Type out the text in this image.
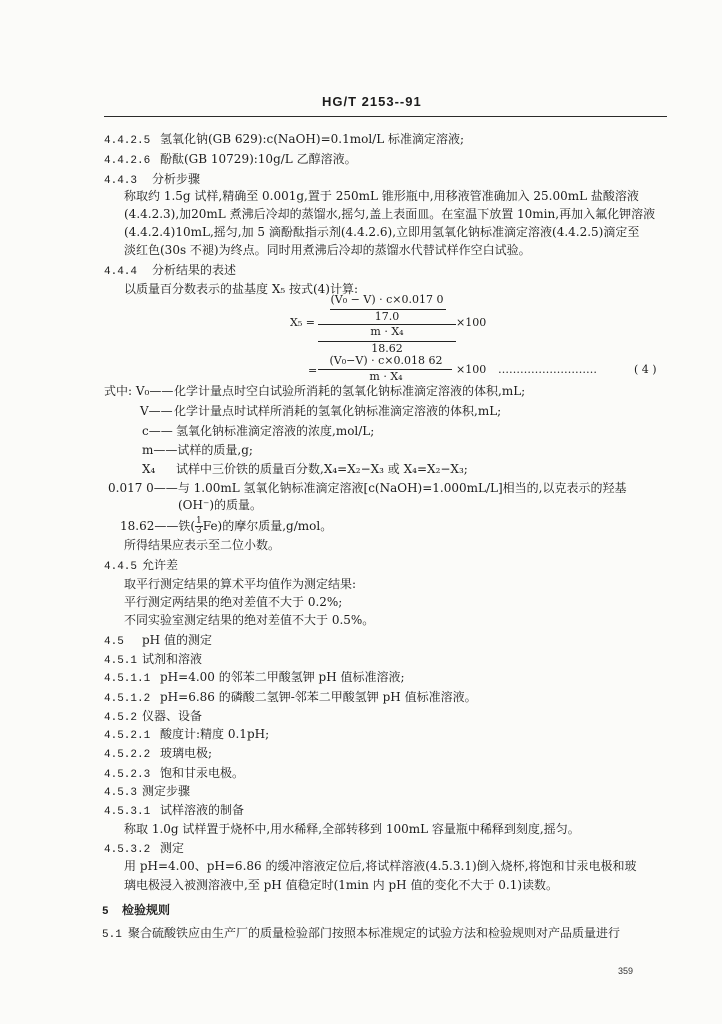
HG/T 2153--91
4.4.2.5 氢氧化钠(GB 629):c(NaOH)=0.1mol/L 标准滴定溶液;
4.4.2.6 酚酞(GB 10729):10g/L 乙醇溶液。
4.4.3 分析步骤
称取约 1.5g 试样,精确至 0.001g,置于 250mL 锥形瓶中,用移液管准确加入 25.00mL 盐酸溶液
(4.4.2.3),加20mL 煮沸后冷却的蒸馏水,摇匀,盖上表面皿。在室温下放置 10min,再加入氟化钾溶液
(4.4.2.4)10mL,摇匀,加 5 滴酚酞指示剂(4.4.2.6),立即用氢氧化钠标准滴定溶液(4.4.2.5)滴定至
淡红色(30s 不褪)为终点。同时用煮沸后冷却的蒸馏水代替试样作空白试验。
4.4.4 分析结果的表述
以质量百分数表示的盐基度 X₅ 按式(4)计算:
X₅ =
(V₀ − V) · c×0.017 0
17.0
m · X₄
×100
18.62
=
(V₀−V) · c×0.018 62
m · X₄
×100 ………………………	( 4 )
式中: V₀——化学计量点时空白试验所消耗的氢氧化钠标准滴定溶液的体积,mL;
V——化学计量点时试样所消耗的氢氧化钠标准滴定溶液的体积,mL;
c—— 氢氧化钠标准滴定溶液的浓度,mol/L;
m——试样的质量,g;
X₄ 试样中三价铁的质量百分数,X₄=X₂−X₃ 或 X₄=X₂−X₃;
0.017 0——与 1.00mL 氢氧化钠标准滴定溶液[c(NaOH)=1.000mL/L]相当的,以克表示的羟基
(OH⁻)的质量。
18.62——铁( $\frac{1}{3} Fe$)的摩尔质量,g/mol。
所得结果应表示至二位小数。
4.4.5 允许差
取平行测定结果的算术平均值作为测定结果:
平行测定两结果的绝对差值不大于 0.2%;
不同实验室测定结果的绝对差值不大于 0.5%。
4.5 pH 值的测定
4.5.1 试剂和溶液
4.5.1.1 pH=4.00 的邻苯二甲酸氢钾 pH 值标准溶液;
4.5.1.2 pH=6.86 的磷酸二氢钾-邻苯二甲酸氢钾 pH 值标准溶液。
4.5.2 仪器、设备
4.5.2.1 酸度计:精度 0.1pH;
4.5.2.2 玻璃电极;
4.5.2.3 饱和甘汞电极。
4.5.3 测定步骤
4.5.3.1 试样溶液的制备
称取 1.0g 试样置于烧杯中,用水稀释,全部转移到 100mL 容量瓶中稀释到刻度,摇匀。
4.5.3.2 测定
用 pH=4.00、pH=6.86 的缓冲溶液定位后,将试样溶液(4.5.3.1)倒入烧杯,将饱和甘汞电极和玻
璃电极浸入被测溶液中,至 pH 值稳定时(1min 内 pH 值的变化不大于 0.1)读数。
5 检验规则
5.1 聚合硫酸铁应由生产厂的质量检验部门按照本标准规定的试验方法和检验规则对产品质量进行
359
